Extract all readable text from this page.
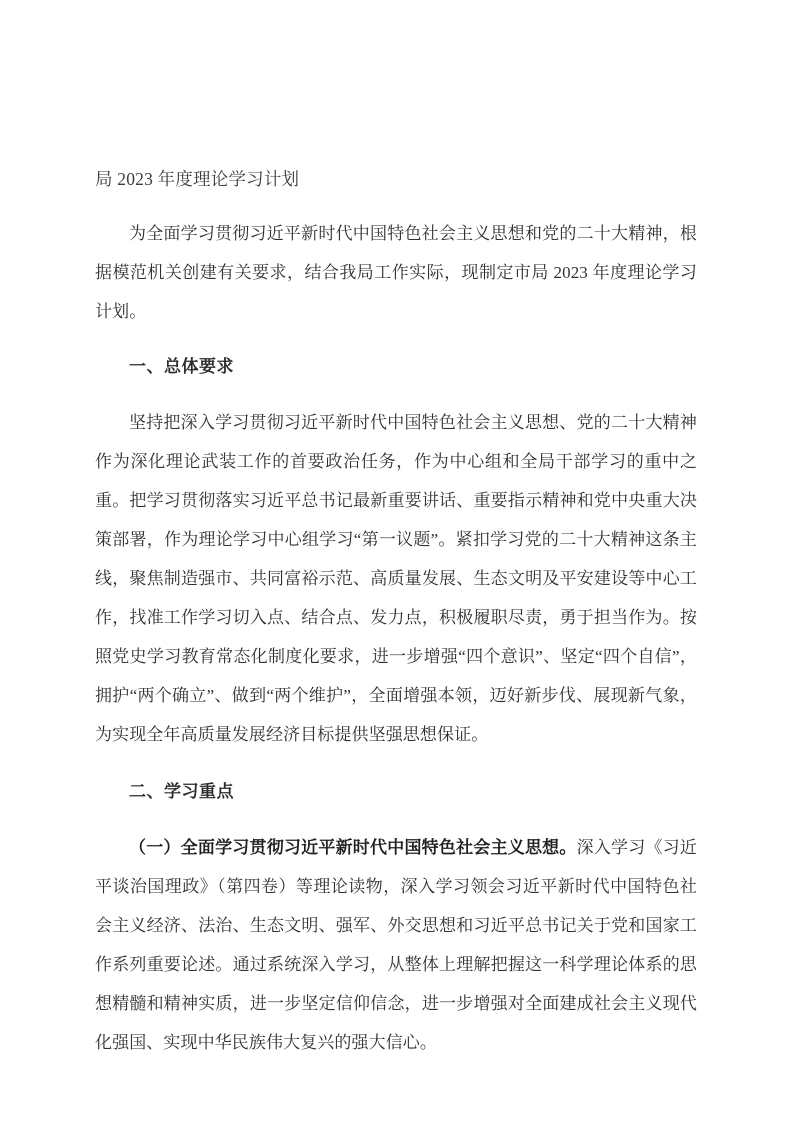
局 2023 年度理论学习计划

为全面学习贯彻习近平新时代中国特色社会主义思想和党的二十大精神，根据模范机关创建有关要求，结合我局工作实际，现制定市局 2023 年度理论学习计划。

一、总体要求

坚持把深入学习贯彻习近平新时代中国特色社会主义思想、党的二十大精神作为深化理论武装工作的首要政治任务，作为中心组和全局干部学习的重中之重。把学习贯彻落实习近平总书记最新重要讲话、重要指示精神和党中央重大决策部署，作为理论学习中心组学习“第一议题”。紧扣学习党的二十大精神这条主线，聚焦制造强市、共同富裕示范、高质量发展、生态文明及平安建设等中心工作，找准工作学习切入点、结合点、发力点，积极履职尽责，勇于担当作为。按照党史学习教育常态化制度化要求，进一步增强“四个意识”、坚定“四个自信”，拥护“两个确立”、做到“两个维护”，全面增强本领，迈好新步伐、展现新气象，为实现全年高质量发展经济目标提供坚强思想保证。

二、学习重点

（一）全面学习贯彻习近平新时代中国特色社会主义思想。深入学习《习近平谈治国理政》（第四卷）等理论读物，深入学习领会习近平新时代中国特色社会主义经济、法治、生态文明、强军、外交思想和习近平总书记关于党和国家工作系列重要论述。通过系统深入学习，从整体上理解把握这一科学理论体系的思想精髓和精神实质，进一步坚定信仰信念，进一步增强对全面建成社会主义现代化强国、实现中华民族伟大复兴的强大信心。
